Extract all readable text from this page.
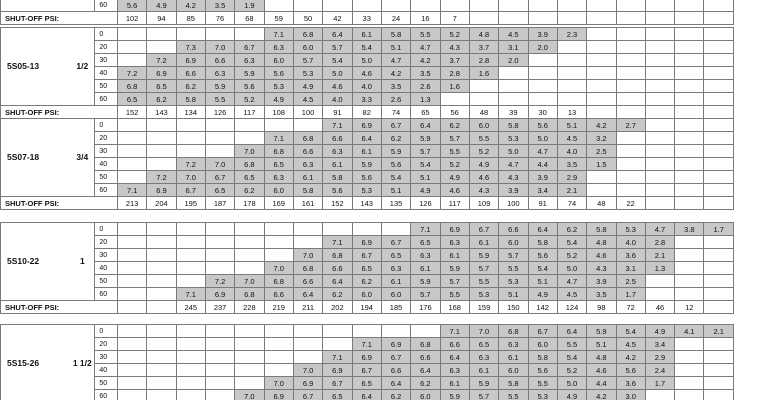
		60	5.6	4.9	4.2	3.5	1.9																
SHUT-OFF PSI:			102	94	85	76	68	59	50	42	33	24	16	7									
5S05-13	1/2	0						7.1	6.8	6.4	6.1	5.8	5.5	5.2	4.8	4.5	3.9	2.3					
		20			7.3	7.0	6.7	6.3	6.0	5.7	5.4	5.1	4.7	4.3	3.7	3.1	2.0						
		30		7.2	6.9	6.6	6.3	6.0	5.7	5.4	5.0	4.7	4.2	3.7	2.8	2.0							
		40	7.2	6.9	6.6	6.3	5.9	5.6	5.3	5.0	4.6	4.2	3.5	2.8	1.6								
		50	6.8	6.5	6.2	5.9	5.6	5.3	4.9	4.6	4.0	3.5	2.6	1.6									
		60	6.5	6.2	5.8	5.5	5.2	4.9	4.5	4.0	3.3	2.6	1.3										
SHUT-OFF PSI:			152	143	134	126	117	108	100	91	82	74	65	56	48	39	30	13					
5S07-18	3/4	0								7.1	6.9	6.7	6.4	6.2	6.0	5.8	5.6	5.1	4.2	2.7			
		20						7.1	6.8	6.6	6.4	6.2	5.9	5.7	5.5	5.3	5.0	4.5	3.2				
		30					7.0	6.8	6.6	6.3	6.1	5.9	5.7	5.5	5.2	5.0	4.7	4.0	2.5				
		40			7.2	7.0	6.8	6.5	6.3	6.1	5.9	5.6	5.4	5.2	4.9	4.7	4.4	3.5	1.5				
		50		7.2	7.0	6.7	6.5	6.3	6.1	5.8	5.6	5.4	5.1	4.9	4.6	4.3	3.9	2.9					
		60	7.1	6.9	6.7	6.5	6.2	6.0	5.8	5.6	5.3	5.1	4.9	4.6	4.3	3.9	3.4	2.1					
SHUT-OFF PSI:			213	204	195	187	178	169	161	152	143	135	126	117	109	100	91	74	48	22			
5S10-22	1	0											7.1	6.9	6.7	6.6	6.4	6.2	5.8	5.3	4.7	3.8	1.7
		20								7.1	6.9	6.7	6.5	6.3	6.1	6.0	5.8	5.4	4.8	4.0	2.8		
		30							7.0	6.8	6.7	6.5	6.3	6.1	5.9	5.7	5.6	5.2	4.6	3.6	2.1		
		40						7.0	6.8	6.6	6.5	6.3	6.1	5.9	5.7	5.5	5.4	5.0	4.3	3.1	1.3		
		50				7.2	7.0	6.8	6.6	6.4	6.2	6.1	5.9	5.7	5.5	5.3	5.1	4.7	3.9	2.5			
		60			7.1	6.9	6.8	6.6	6.4	6.2	6.0	6.0	5.7	5.5	5.3	5.1	4.9	4.5	3.5	1.7			
SHUT-OFF PSI:					245	237	228	219	211	202	194	185	176	168	159	150	142	124	98	72	46	12	
5S15-26	1 1/2	0												7.1	7.0	6.8	6.7	6.4	5.9	5.4	4.9	4.1	2.1
		20									7.1	6.9	6.8	6.6	6.5	6.3	6.0	5.5	5.1	4.5	3.4		
		30								7.1	6.9	6.7	6.6	6.4	6.3	6.1	5.8	5.4	4.8	4.2	2.9		
		40							7.0	6.9	6.7	6.6	6.4	6.3	6.1	6.0	5.6	5.2	4.6	5.6	2.4		
		50						7.0	6.9	6.7	6.5	6.4	6.2	6.1	5.9	5.8	5.5	5.0	4.4	3.6	1.7		
		60					7.0	6.9	6.7	6.5	6.4	6.2	6.0	5.9	5.7	5.5	5.3	4.9	4.2	3.0			
